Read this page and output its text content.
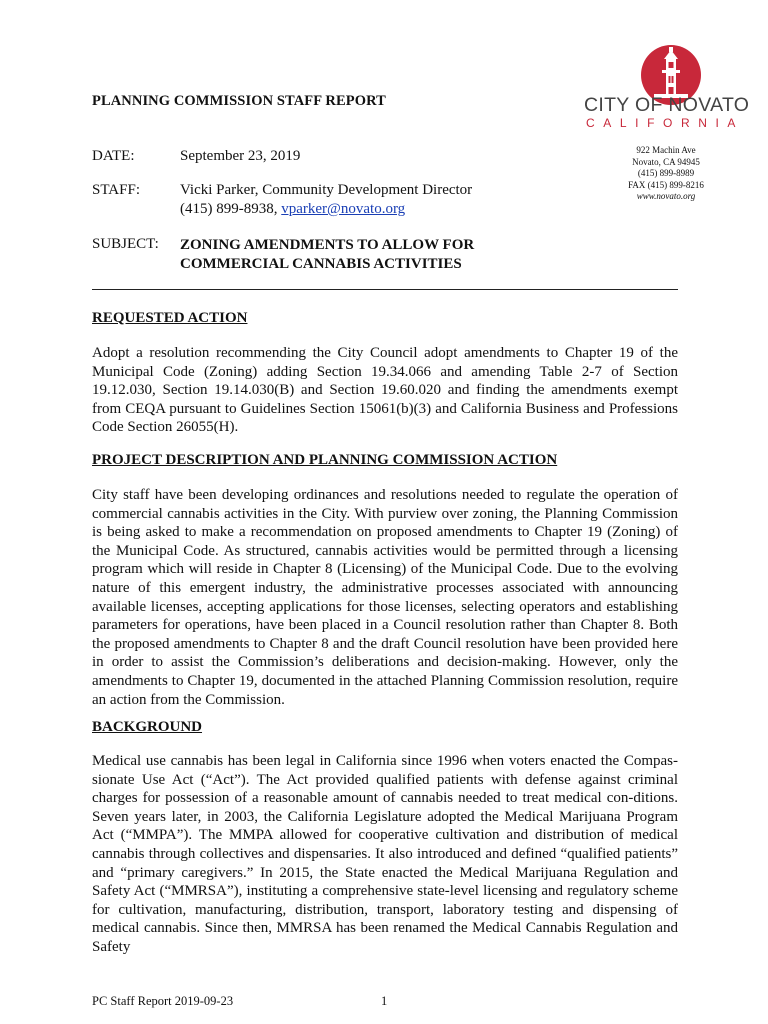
PLANNING COMMISSION STAFF REPORT	CITY OF NOVATO
CALIFORNIA
922 Machin Ave
Novato, CA 94945
(415) 899-8989
FAX (415) 899-8216
www.novato.org
DATE:	September 23, 2019
STAFF:	Vicki Parker, Community Development Director
(415) 899-8938, vparker@novato.org
SUBJECT: ZONING AMENDMENTS TO ALLOW FOR
COMMERCIAL CANNABIS ACTIVITIES
REQUESTED ACTION

Adopt a resolution recommending the City Council adopt amendments to Chapter 19 of the Municipal Code (Zoning) adding Section 19.34.066 and amending Table 2-7 of Section 19.12.030, Section 19.14.030(B) and Section 19.60.020 and finding the amendments exempt from CEQA pursuant to Guidelines Section 15061(b)(3) and California Business and Professions Code Section 26055(H).

PROJECT DESCRIPTION AND PLANNING COMMISSION ACTION

City staff have been developing ordinances and resolutions needed to regulate the operation of commercial cannabis activities in the City. With purview over zoning, the Planning Commission is being asked to make a recommendation on proposed amendments to Chapter 19 (Zoning) of the Municipal Code. As structured, cannabis activities would be permitted through a licensing program which will reside in Chapter 8 (Licensing) of the Municipal Code. Due to the evolving nature of this emergent industry, the administrative processes associated with announcing available licenses, accepting applications for those licenses, selecting operators and establishing parameters for operations, have been placed in a Council resolution rather than Chapter 8. Both the proposed amendments to Chapter 8 and the draft Council resolution have been provided here in order to assist the Commission’s deliberations and decision-making. However, only the amendments to Chapter 19, documented in the attached Planning Commission resolution, require an action from the Commission.

BACKGROUND

Medical use cannabis has been legal in California since 1996 when voters enacted the Compas-sionate Use Act (“Act”). The Act provided qualified patients with defense against criminal charges for possession of a reasonable amount of cannabis needed to treat medical con-ditions. Seven years later, in 2003, the California Legislature adopted the Medical Marijuana Program Act (“MMPA”). The MMPA allowed for cooperative cultivation and distribution of medical cannabis through collectives and dispensaries. It also introduced and defined “qualified patients” and “primary caregivers.” In 2015, the State enacted the Medical Marijuana Regulation and Safety Act (“MMRSA”), instituting a comprehensive state-level licensing and regulatory scheme for cultivation, manufacturing, distribution, transport, laboratory testing and dispensing of medical cannabis. Since then, MMRSA has been renamed the Medical Cannabis Regulation and Safety

PC Staff Report 2019-09-23	1
